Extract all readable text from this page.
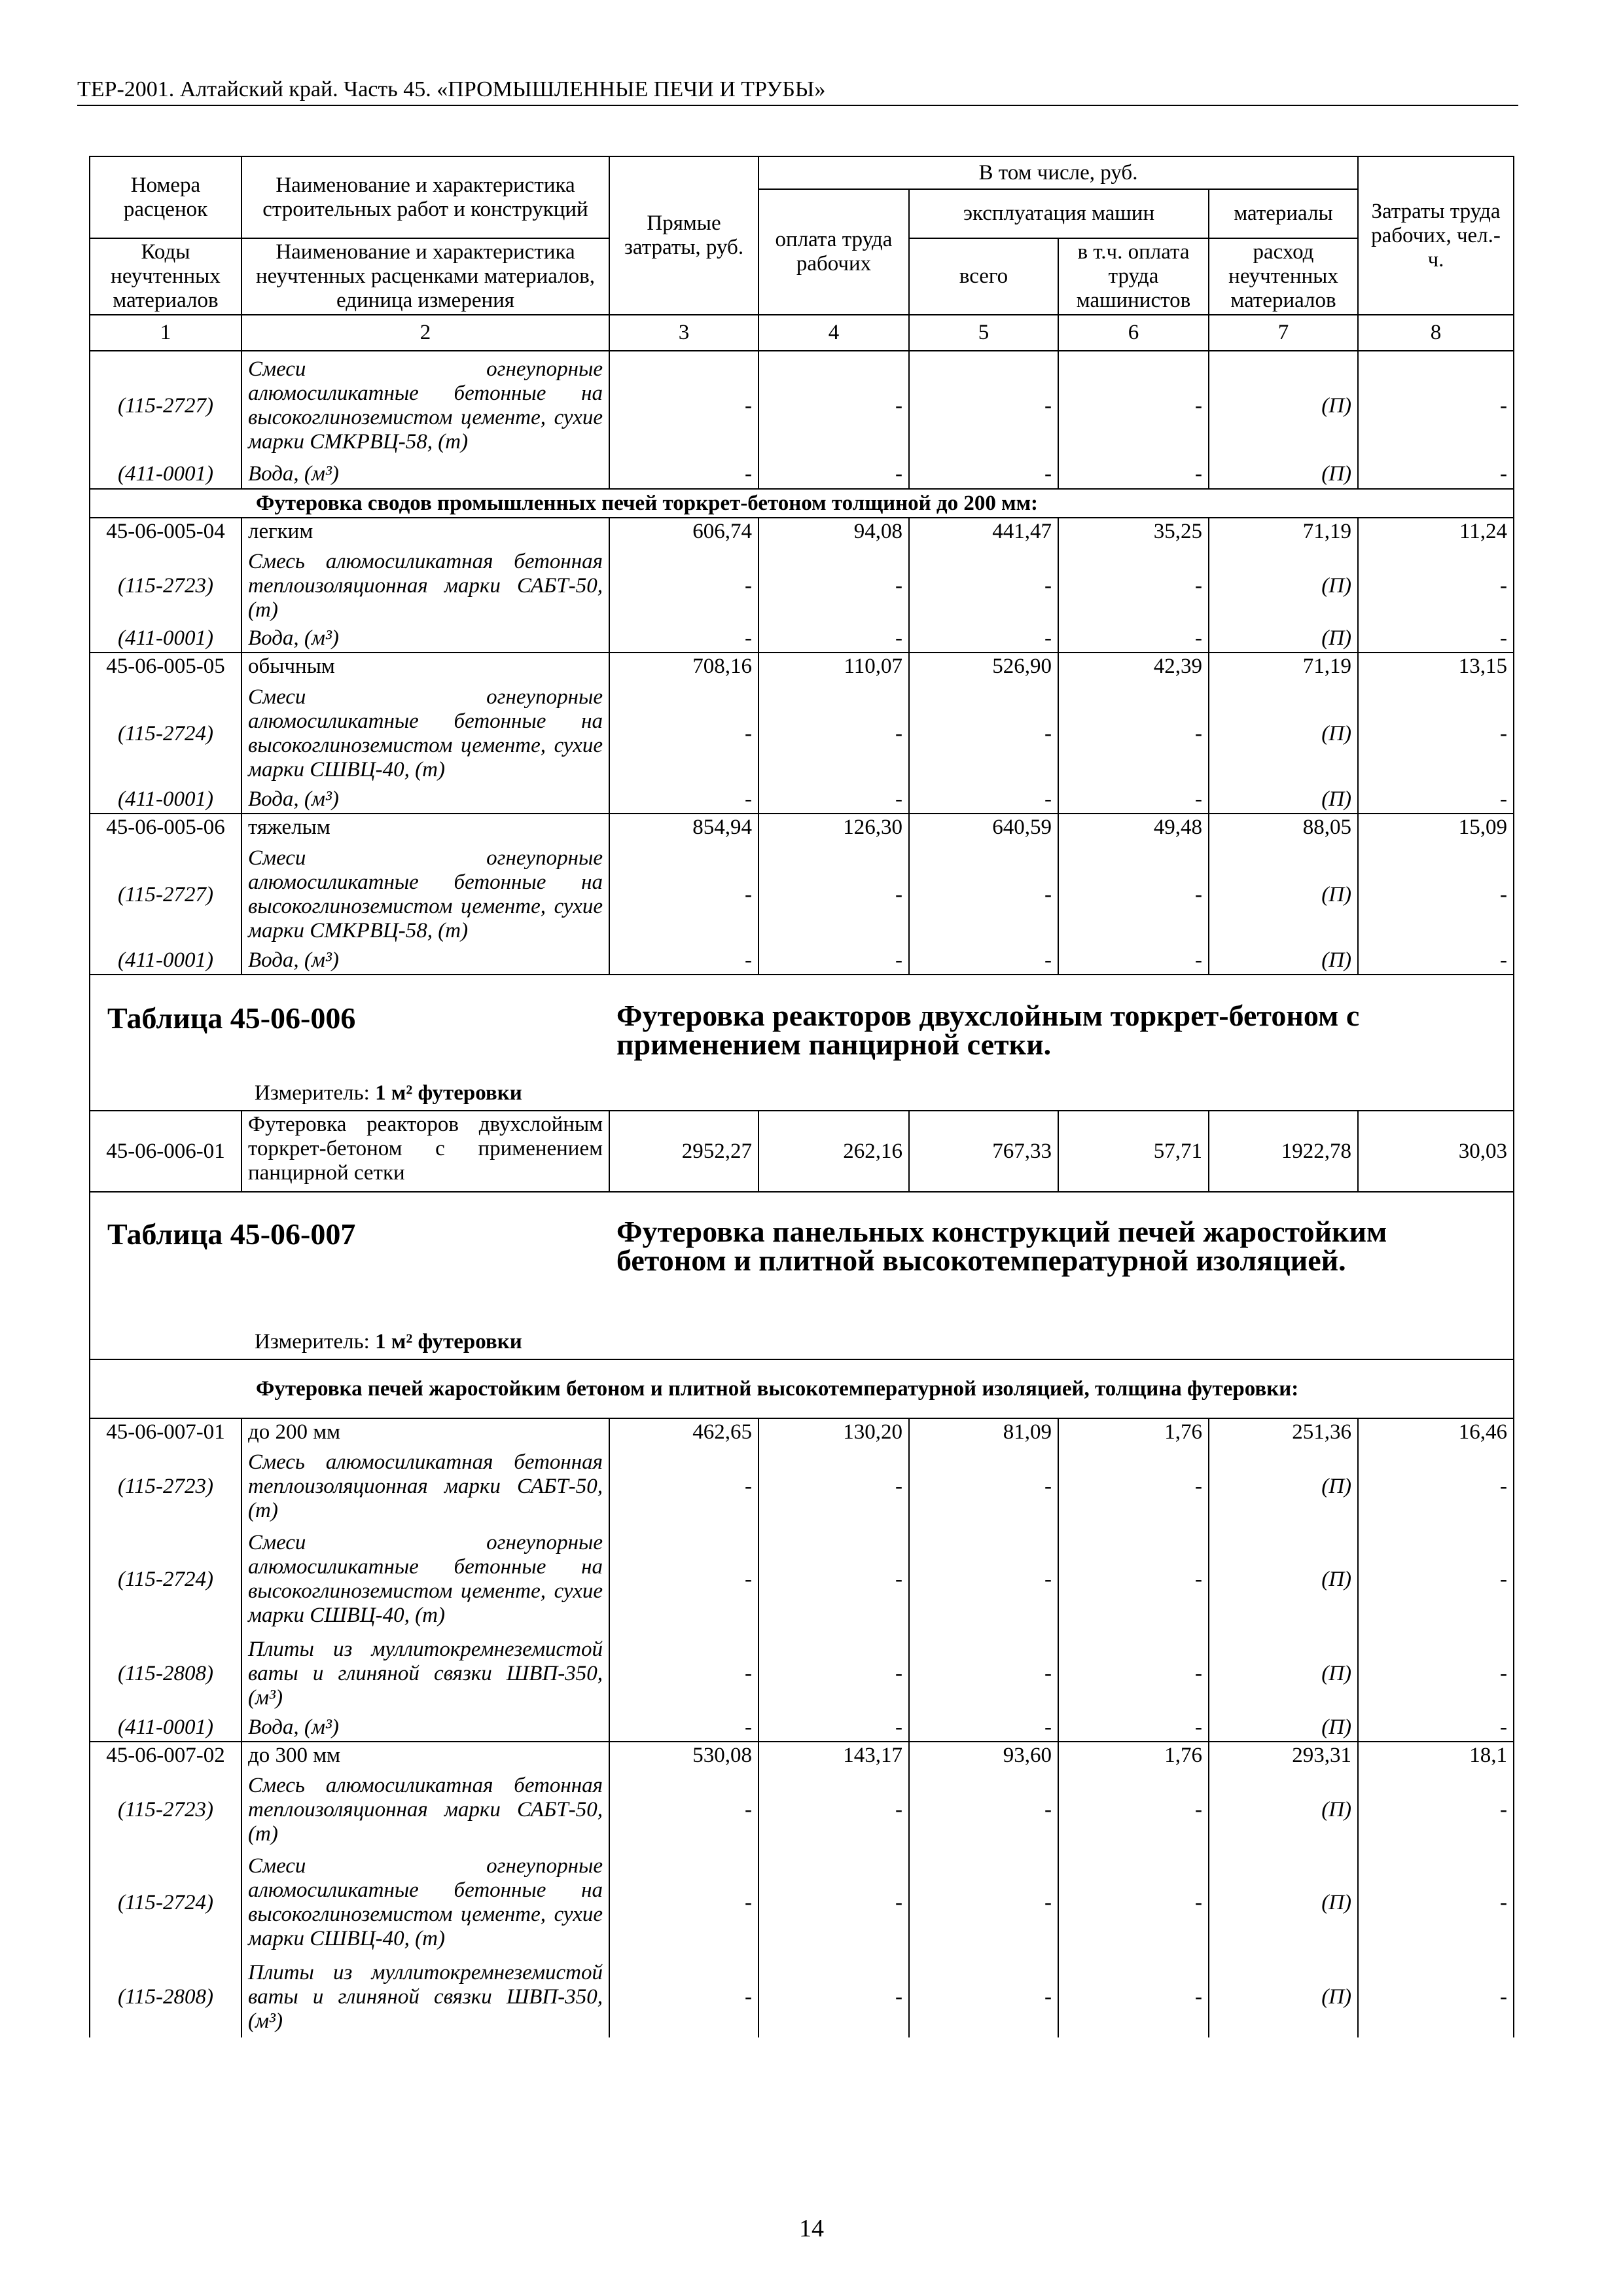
ТЕР-2001. Алтайский край. Часть 45. «ПРОМЫШЛЕННЫЕ ПЕЧИ И ТРУБЫ»
Номера расценок	Наименование и характеристика строительных работ и конструкций	Прямые затраты, руб.	В том числе, руб.				Затраты труда рабочих, чел.-ч.
			оплата труда рабочих	эксплуатация машин		материалы	

Коды неучтенных материалов	Наименование и характеристика неучтенных расценками материалов, единица измерения			всего	в т.ч. оплата труда машинистов	расход неучтенных материалов	

1	2	3	4	5	6	7	8
(115-2727)	Смеси огнеупорные алюмосиликатные бетонные на высокоглиноземистом цементе, сухие марки СМКРВЦ-58, (т)	-	-	-	-	(П)	-
(411-0001)	Вода, (м³)	-	-	-	-	(П)	-
Футеровка сводов промышленных печей торкрет-бетоном толщиной до 200 мм:							
45-06-005-04	легким	606,74	94,08	441,47	35,25	71,19	11,24
(115-2723)	Смесь алюмосиликатная бетонная теплоизоляционная марки САБТ-50, (т)	-	-	-	-	(П)	-
(411-0001)	Вода, (м³)	-	-	-	-	(П)	-
45-06-005-05	обычным	708,16	110,07	526,90	42,39	71,19	13,15
(115-2724)	Смеси огнеупорные алюмосиликатные бетонные на высокоглиноземистом цементе, сухие марки СШВЦ-40, (т)	-	-	-	-	(П)	-
(411-0001)	Вода, (м³)	-	-	-	-	(П)	-
45-06-005-06	тяжелым	854,94	126,30	640,59	49,48	88,05	15,09
(115-2727)	Смеси огнеупорные алюмосиликатные бетонные на высокоглиноземистом цементе, сухие марки СМКРВЦ-58, (т)	-	-	-	-	(П)	-
(411-0001)	Вода, (м³)	-	-	-	-	(П)	-

Таблица 45-06-006 Футеровка реакторов двухслойным торкрет-бетоном с применением панцирной сетки.
Измеритель: 1 м² футеровки							

45-06-006-01	Футеровка реакторов двухслойным торкрет-бетоном с применением панцирной сетки	2952,27	262,16	767,33	57,71	1922,78	30,03

Таблица 45-06-007 Футеровка панельных конструкций печей жаростойким бетоном и плитной высокотемпературной изоляцией.
Измеритель: 1 м² футеровки							

Футеровка печей жаростойким бетоном и плитной высокотемпературной изоляцией, толщина футеровки:							
45-06-007-01	до 200 мм	462,65	130,20	81,09	1,76	251,36	16,46
(115-2723)	Смесь алюмосиликатная бетонная теплоизоляционная марки САБТ-50, (т)	-	-	-	-	(П)	-
(115-2724)	Смеси огнеупорные алюмосиликатные бетонные на высокоглиноземистом цементе, сухие марки СШВЦ-40, (т)	-	-	-	-	(П)	-
(115-2808)	Плиты из муллитокремнеземистой ваты и глиняной связки ШВП-350, (м³)	-	-	-	-	(П)	-
(411-0001)	Вода, (м³)	-	-	-	-	(П)	-
45-06-007-02	до 300 мм	530,08	143,17	93,60	1,76	293,31	18,1
(115-2723)	Смесь алюмосиликатная бетонная теплоизоляционная марки САБТ-50, (т)	-	-	-	-	(П)	-
(115-2724)	Смеси огнеупорные алюмосиликатные бетонные на высокоглиноземистом цементе, сухие марки СШВЦ-40, (т)	-	-	-	-	(П)	-
(115-2808)	Плиты из муллитокремнеземистой ваты и глиняной связки ШВП-350, (м³)	-	-	-	-	(П)	-
14
